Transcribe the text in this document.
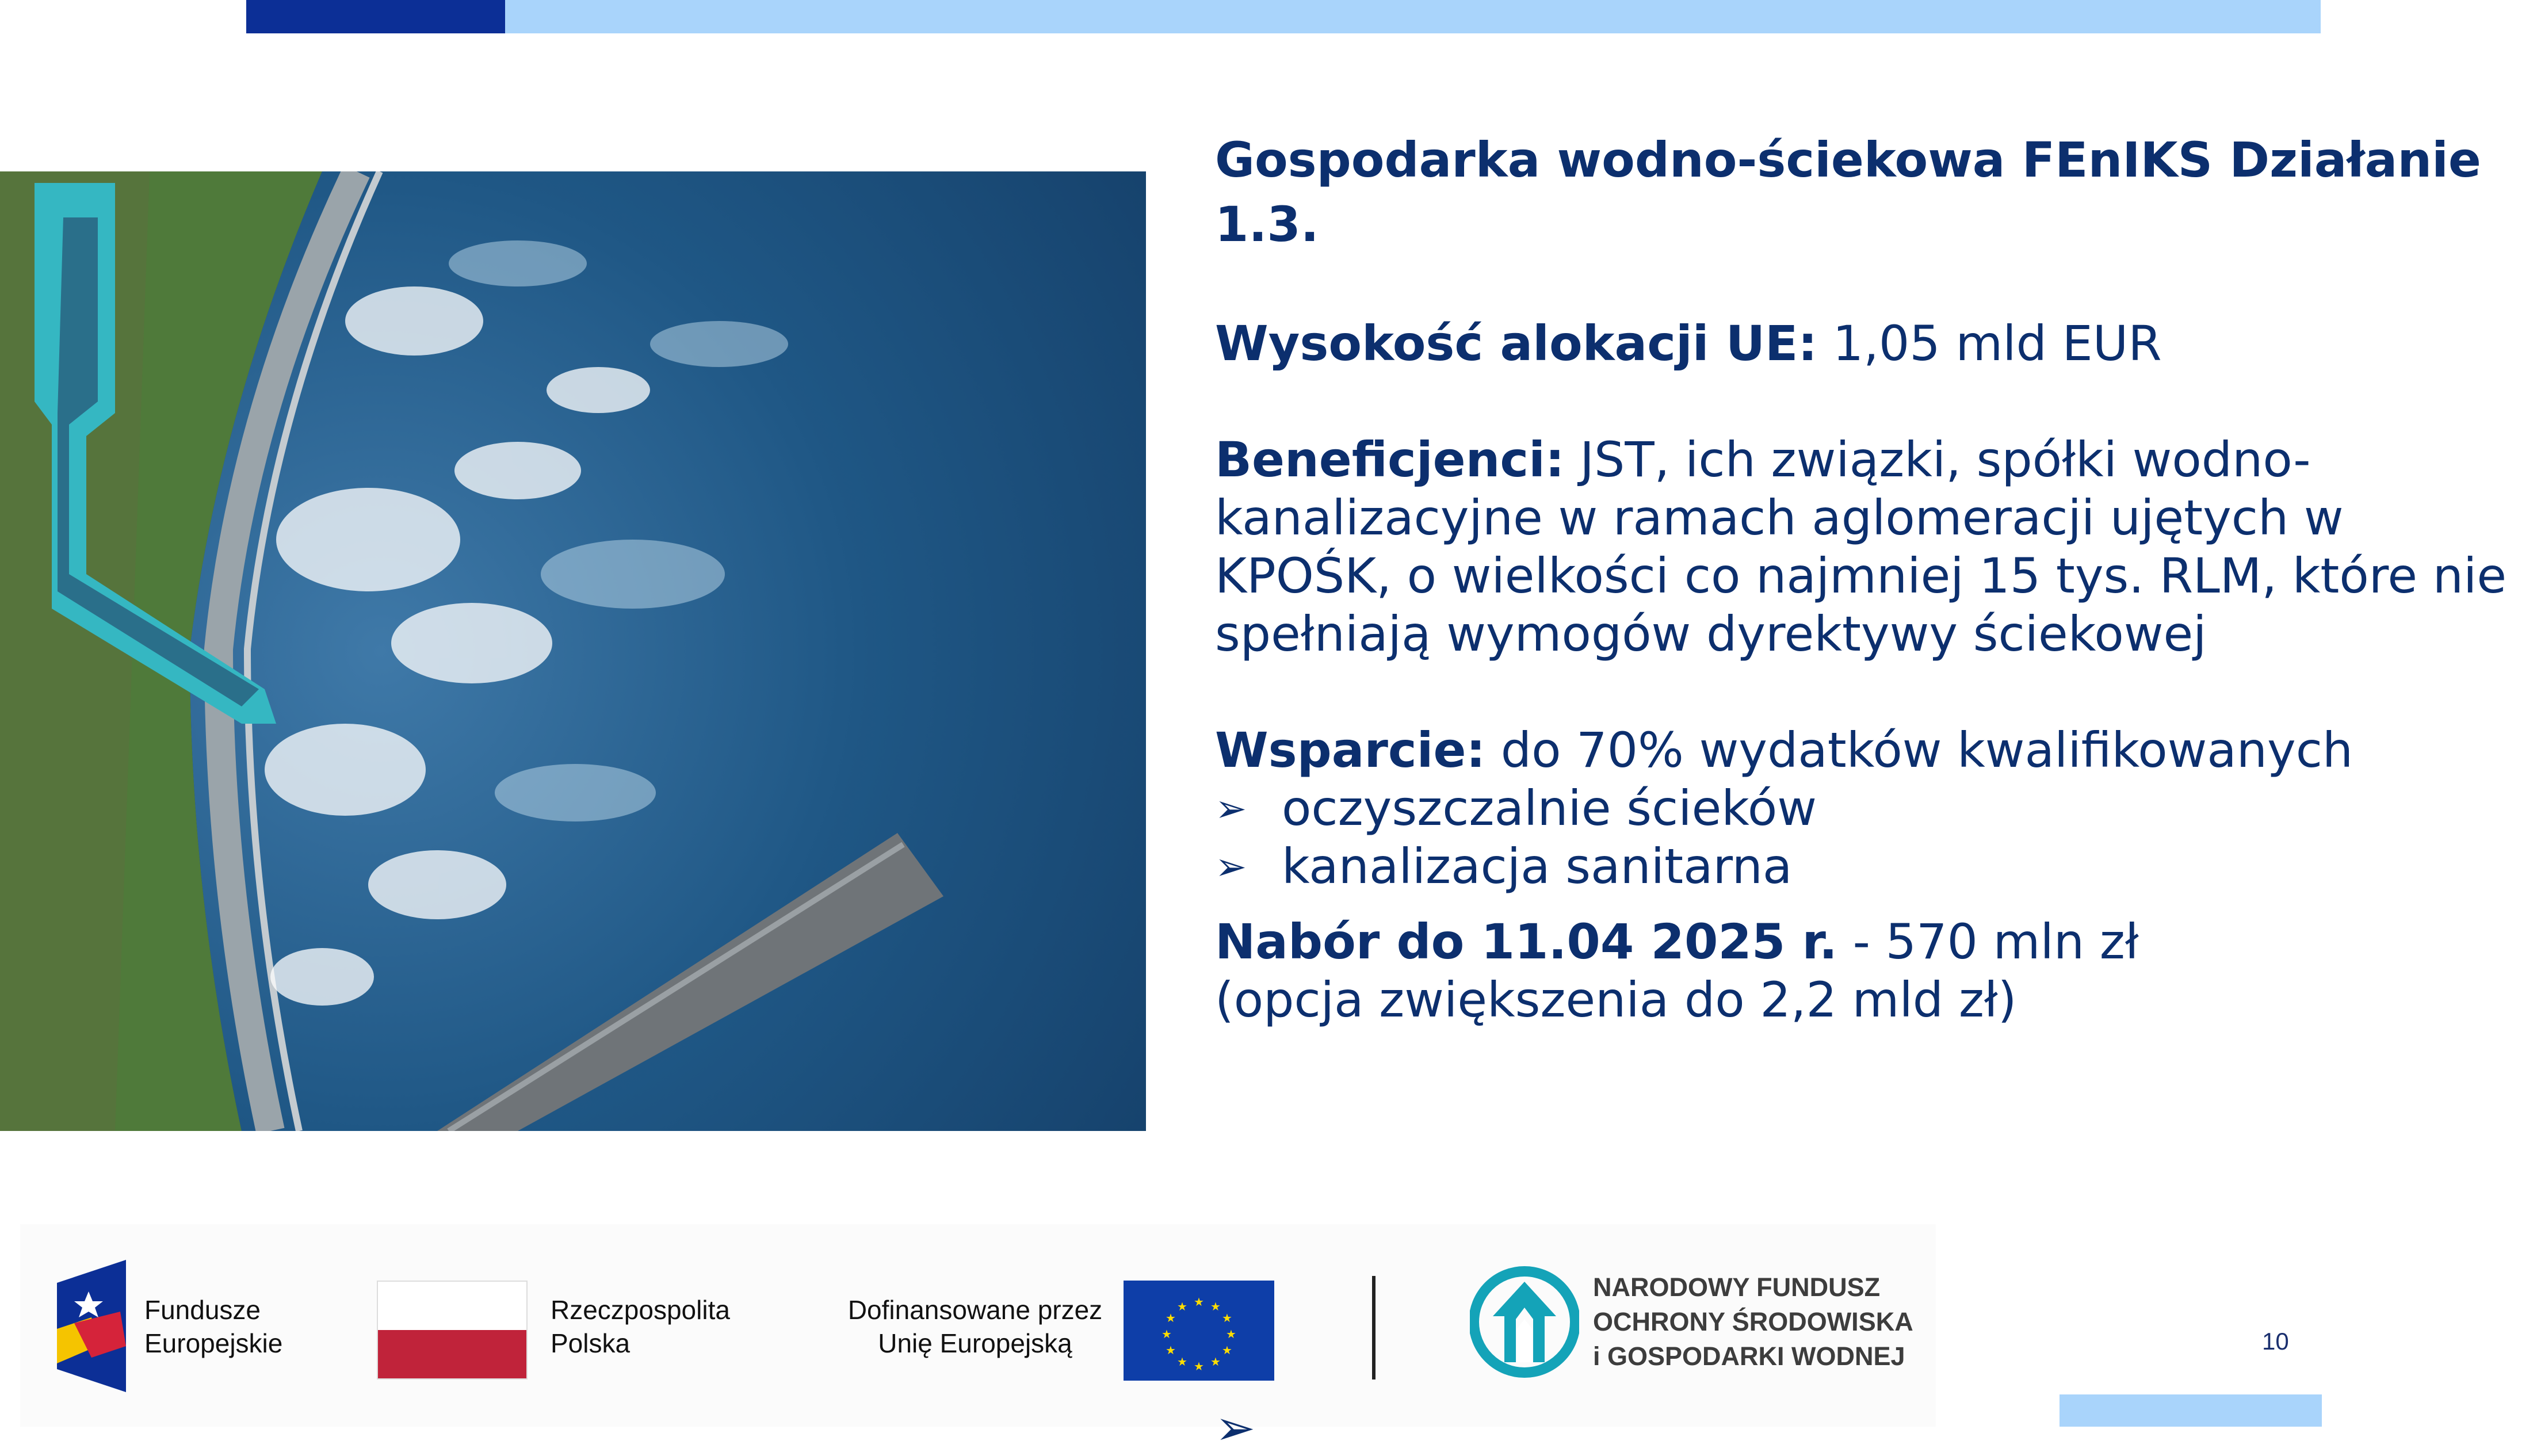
Gospodarka wodno-ściekowa FEnIKS Działanie 1.3.

Wysokość alokacji UE: 1,05 mld EUR

Beneficjenci: JST, ich związki, spółki wodno-kanalizacyjne w ramach aglomeracji ujętych w KPOŚK, o wielkości co najmniej 15 tys. RLM, które nie spełniają wymogów dyrektywy ściekowej

Wsparcie: do 70% wydatków kwalifikowanych

➢ oczyszczalnie ścieków

➢ kanalizacja sanitarna

Nabór do 11.04 2025 r. - 570 mln zł

(opcja zwiększenia do 2,2 mld zł)

Fundusze
Europejskie
Rzeczpospolita
Polska
Dofinansowane przez
Unię Europejską
★ ★
★
★
★
★
★
★
★
★
★
★
NARODOWY FUNDUSZ
OCHRONY ŚRODOWISKA
i GOSPODARKI WODNEJ
10
➢
